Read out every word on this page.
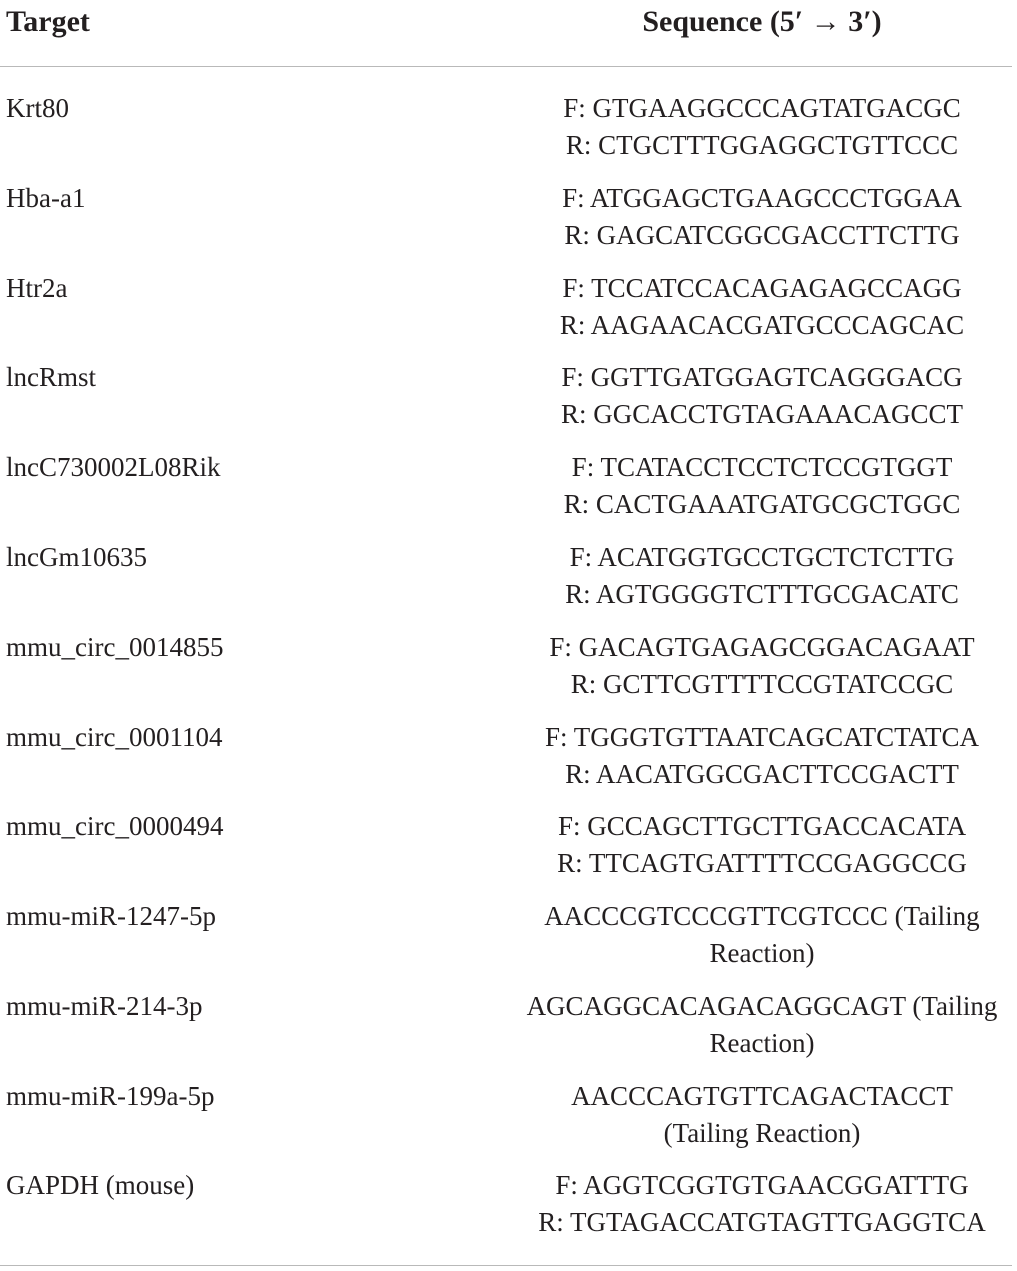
Target	Sequence (5′ → 3′)
Krt80	F: GTGAAGGCCCAGTATGACGC
R: CTGCTTTGGAGGCTGTTCCC
Hba-a1	F: ATGGAGCTGAAGCCCTGGAA
R: GAGCATCGGCGACCTTCTTG
Htr2a	F: TCCATCCACAGAGAGCCAGG
R: AAGAACACGATGCCCAGCAC
lncRmst	F: GGTTGATGGAGTCAGGGACG
R: GGCACCTGTAGAAACAGCCT
lncC730002L08Rik	F: TCATACCTCCTCTCCGTGGT
R: CACTGAAATGATGCGCTGGC
lncGm10635	F: ACATGGTGCCTGCTCTCTTG
R: AGTGGGGTCTTTGCGACATC
mmu_circ_0014855	F: GACAGTGAGAGCGGACAGAAT
R: GCTTCGTTTTCCGTATCCGC
mmu_circ_0001104	F: TGGGTGTTAATCAGCATCTATCA
R: AACATGGCGACTTCCGACTT
mmu_circ_0000494	F: GCCAGCTTGCTTGACCACATA
R: TTCAGTGATTTTCCGAGGCCG
mmu-miR-1247-5p	AACCCGTCCCGTTCGTCCC (Tailing
Reaction)
mmu-miR-214-3p	AGCAGGCACAGACAGGCAGT (Tailing
Reaction)
mmu-miR-199a-5p	AACCCAGTGTTCAGACTACCT
(Tailing Reaction)
GAPDH (mouse)	F: AGGTCGGTGTGAACGGATTTG
R: TGTAGACCATGTAGTTGAGGTCA
